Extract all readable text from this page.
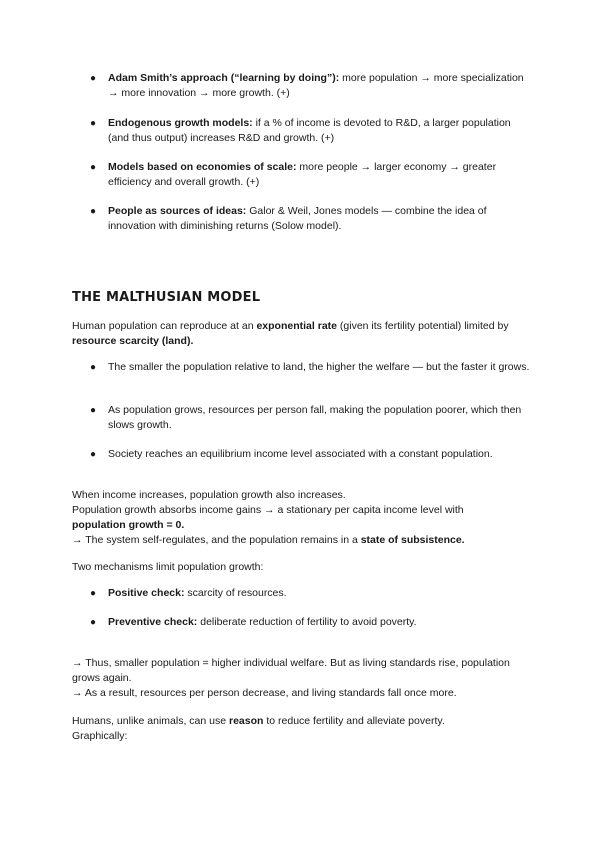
● Adam Smith’s approach (“learning by doing”): more population → more specialization → more innovation → more growth. (+)
● Endogenous growth models: if a % of income is devoted to R&D, a larger population (and thus output) increases R&D and growth. (+)
● Models based on economies of scale: more people → larger economy → greater efficiency and overall growth. (+)
● People as sources of ideas: Galor & Weil, Jones models — combine the idea of innovation with diminishing returns (Solow model).
THE MALTHUSIAN MODEL
Human population can reproduce at an exponential rate (given its fertility potential) limited by resource scarcity (land).
● The smaller the population relative to land, the higher the welfare — but the faster it grows.
● As population grows, resources per person fall, making the population poorer, which then slows growth.
● Society reaches an equilibrium income level associated with a constant population.
When income increases, population growth also increases.
Population growth absorbs income gains → a stationary per capita income level with
population growth = 0.
→ The system self-regulates, and the population remains in a state of subsistence.
Two mechanisms limit population growth:
● Positive check: scarcity of resources.
● Preventive check: deliberate reduction of fertility to avoid poverty.
→ Thus, smaller population = higher individual welfare. But as living standards rise, population grows again.
→ As a result, resources per person decrease, and living standards fall once more.
Humans, unlike animals, can use reason to reduce fertility and alleviate poverty.
Graphically:
